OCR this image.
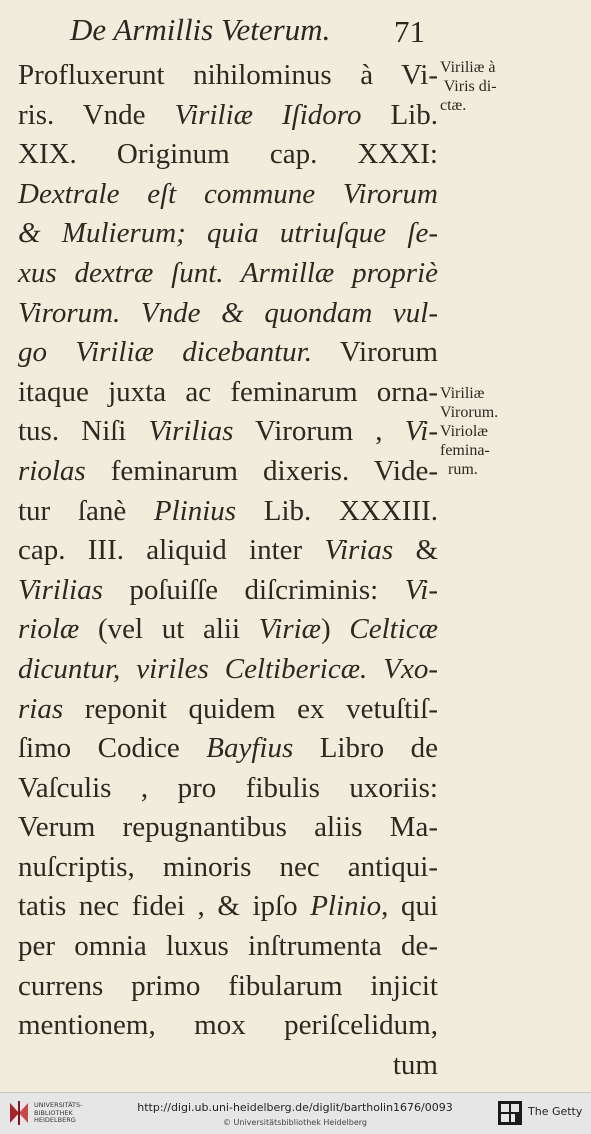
De Armillis Veterum.	71
Profluxerunt nihilominus à Vi-
ris. Vnde Viriliæ Iſidoro Lib.
XIX. Originum cap. XXXI:
Dextrale eſt commune Virorum
& Mulierum; quia utriuſque ſe-
xus dextræ ſunt. Armillæ propriè
Virorum. Vnde & quondam vul-
go Viriliæ dicebantur. Virorum
itaque juxta ac feminarum orna-
tus. Niſi Virilias Virorum , Vi-
riolas feminarum dixeris. Vide-
tur ſanè Plinius Lib. XXXIII.
cap. III. aliquid inter Virias &
Virilias poſuiſſe diſcriminis: Vi-
riolæ (vel ut alii Viriæ) Celticæ
dicuntur, viriles Celtibericæ. Vxo-
rias reponit quidem ex vetuſtiſ-
ſimo Codice Bayfius Libro de
Vaſculis , pro fibulis uxoriis:
Verum repugnantibus aliis Ma-
nuſcriptis, minoris nec antiqui-
tatis nec fidei , & ipſo Plinio, qui
per omnia luxus inſtrumenta de-
currens primo fibularum injicit
mentionem, mox periſcelidum,
tum
Viriliæ à
Viris di-
ctæ.
Viriliæ
Virorum.
Viriolæ
femina-
rum.
UNIVERSITÄTS-
BIBLIOTHEK
HEIDELBERG
http://digi.ub.uni-heidelberg.de/diglit/bartholin1676/0093
© Universitätsbibliothek Heidelberg
The Getty
